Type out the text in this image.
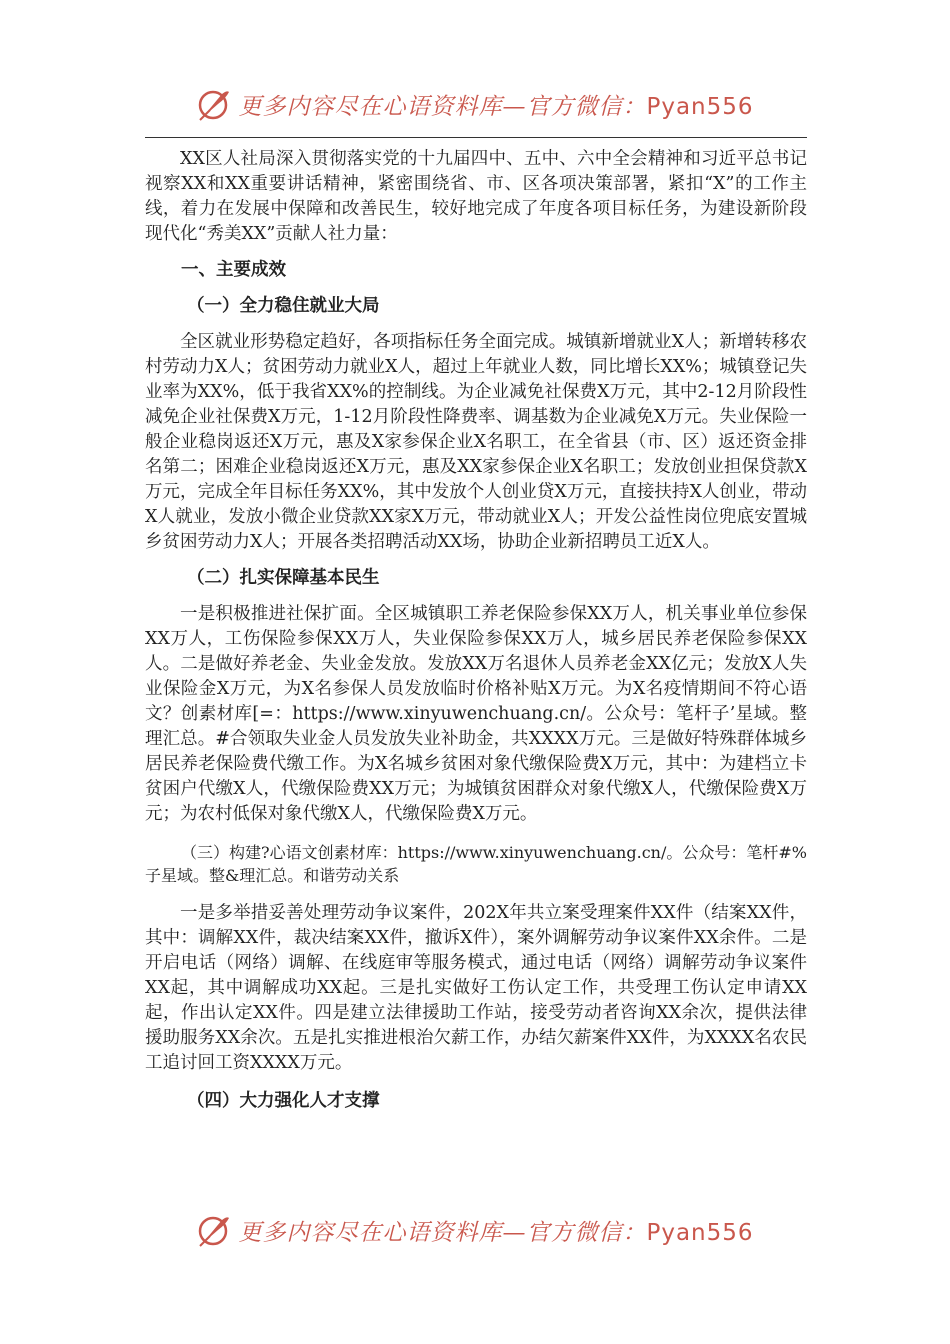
更多内容尽在心语资料库—官方微信：Pyan556

XX区人社局深入贯彻落实党的十九届四中、五中、六中全会精神和习近平总书记视察XX和XX重要讲话精神，紧密围绕省、市、区各项决策部署，紧扣“X”的工作主线，着力在发展中保障和改善民生，较好地完成了年度各项目标任务，为建设新阶段现代化“秀美XX”贡献人社力量：

一、主要成效
（一）全力稳住就业大局

全区就业形势稳定趋好，各项指标任务全面完成。城镇新增就业X人；新增转移农村劳动力X人；贫困劳动力就业X人，超过上年就业人数，同比增长XX%；城镇登记失业率为XX%，低于我省XX%的控制线。为企业减免社保费X万元，其中2-12月阶段性减免企业社保费X万元，1-12月阶段性降费率、调基数为企业减免X万元。失业保险一般企业稳岗返还X万元，惠及X家参保企业X名职工，在全省县（市、区）返还资金排名第二；困难企业稳岗返还X万元，惠及XX家参保企业X名职工；发放创业担保贷款X万元，完成全年目标任务XX%，其中发放个人创业贷X万元，直接扶持X人创业，带动X人就业，发放小微企业贷款XX家X万元，带动就业X人；开发公益性岗位兜底安置城乡贫困劳动力X人；开展各类招聘活动XX场，协助企业新招聘员工近X人。

（二）扎实保障基本民生

一是积极推进社保扩面。全区城镇职工养老保险参保XX万人，机关事业单位参保XX万人，工伤保险参保XX万人，失业保险参保XX万人，城乡居民养老保险参保XX人。二是做好养老金、失业金发放。发放XX万名退休人员养老金XX亿元；发放X人失业保险金X万元，为X名参保人员发放临时价格补贴X万元。为X名疫情期间不符心语文？创素材库[=：https://www.xinyuwenchuang.cn/。公众号：笔杆子’星域。整理汇总。#合领取失业金人员发放失业补助金，共XXXX万元。三是做好特殊群体城乡居民养老保险费代缴工作。为X名城乡贫困对象代缴保险费X万元，其中：为建档立卡贫困户代缴X人，代缴保险费XX万元；为城镇贫困群众对象代缴X人，代缴保险费X万元；为农村低保对象代缴X人，代缴保险费X万元。

（三）构建?心语文创素材库：https://www.xinyuwenchuang.cn/。公众号：笔杆#%子星域。整&理汇总。和谐劳动关系

一是多举措妥善处理劳动争议案件，202X年共立案受理案件XX件（结案XX件，其中：调解XX件，裁决结案XX件，撤诉X件），案外调解劳动争议案件XX余件。二是开启电话（网络）调解、在线庭审等服务模式，通过电话（网络）调解劳动争议案件XX起，其中调解成功XX起。三是扎实做好工伤认定工作，共受理工伤认定申请XX起，作出认定XX件。四是建立法律援助工作站，接受劳动者咨询XX余次，提供法律援助服务XX余次。五是扎实推进根治欠薪工作，办结欠薪案件XX件，为XXXX名农民工追讨回工资XXXX万元。

（四）大力强化人才支撑
更多内容尽在心语资料库—官方微信：Pyan556
